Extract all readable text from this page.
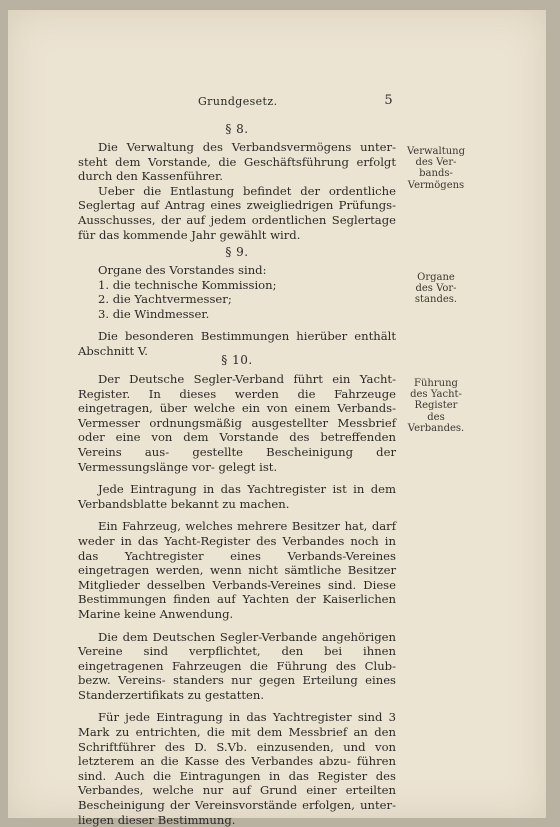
Grundgesetz.	5
§ 8.
Verwaltung
des Ver-
bands-
Vermögens

Die Verwaltung des Verbandsvermögens unter- steht dem Vorstande, die Geschäftsführung erfolgt durch den Kassenführer.

Ueber die Entlastung befindet der ordentliche Seglertag auf Antrag eines zweigliedrigen Prüfungs- Ausschusses, der auf jedem ordentlichen Seglertage für das kommende Jahr gewählt wird.

§ 9.
Organe
des Vor-
standes.

Organe des Vorstandes sind:

1. die technische Kommission;

2. die Yachtvermesser;

3. die Windmesser.

Die besonderen Bestimmungen hierüber enthält Abschnitt V.

§ 10.
Führung
des Yacht-
Register
des
Verbandes.

Der Deutsche Segler-Verband führt ein Yacht- Register. In dieses werden die Fahrzeuge eingetragen, über welche ein von einem Verbands-Vermesser ordnungsmäßig ausgestellter Messbrief oder eine von dem Vorstande des betreffenden Vereins aus- gestellte Bescheinigung der Vermessungslänge vor- gelegt ist.

Jede Eintragung in das Yachtregister ist in dem Verbandsblatte bekannt zu machen.

Ein Fahrzeug, welches mehrere Besitzer hat, darf weder in das Yacht-Register des Verbandes noch in das Yachtregister eines Verbands-Vereines eingetragen werden, wenn nicht sämtliche Besitzer Mitglieder desselben Verbands-Vereines sind. Diese Bestimmungen finden auf Yachten der Kaiserlichen Marine keine Anwendung.

Die dem Deutschen Segler-Verbande angehörigen Vereine sind verpflichtet, den bei ihnen eingetragenen Fahrzeugen die Führung des Club- bezw. Vereins- standers nur gegen Erteilung eines Standerzertifikats zu gestatten.

Für jede Eintragung in das Yachtregister sind 3 Mark zu entrichten, die mit dem Messbrief an den Schriftführer des D. S.Vb. einzusenden, und von letzterem an die Kasse des Verbandes abzu- führen sind. Auch die Eintragungen in das Register des Verbandes, welche nur auf Grund einer erteilten Bescheinigung der Vereinsvorstände erfolgen, unter- liegen dieser Bestimmung.
